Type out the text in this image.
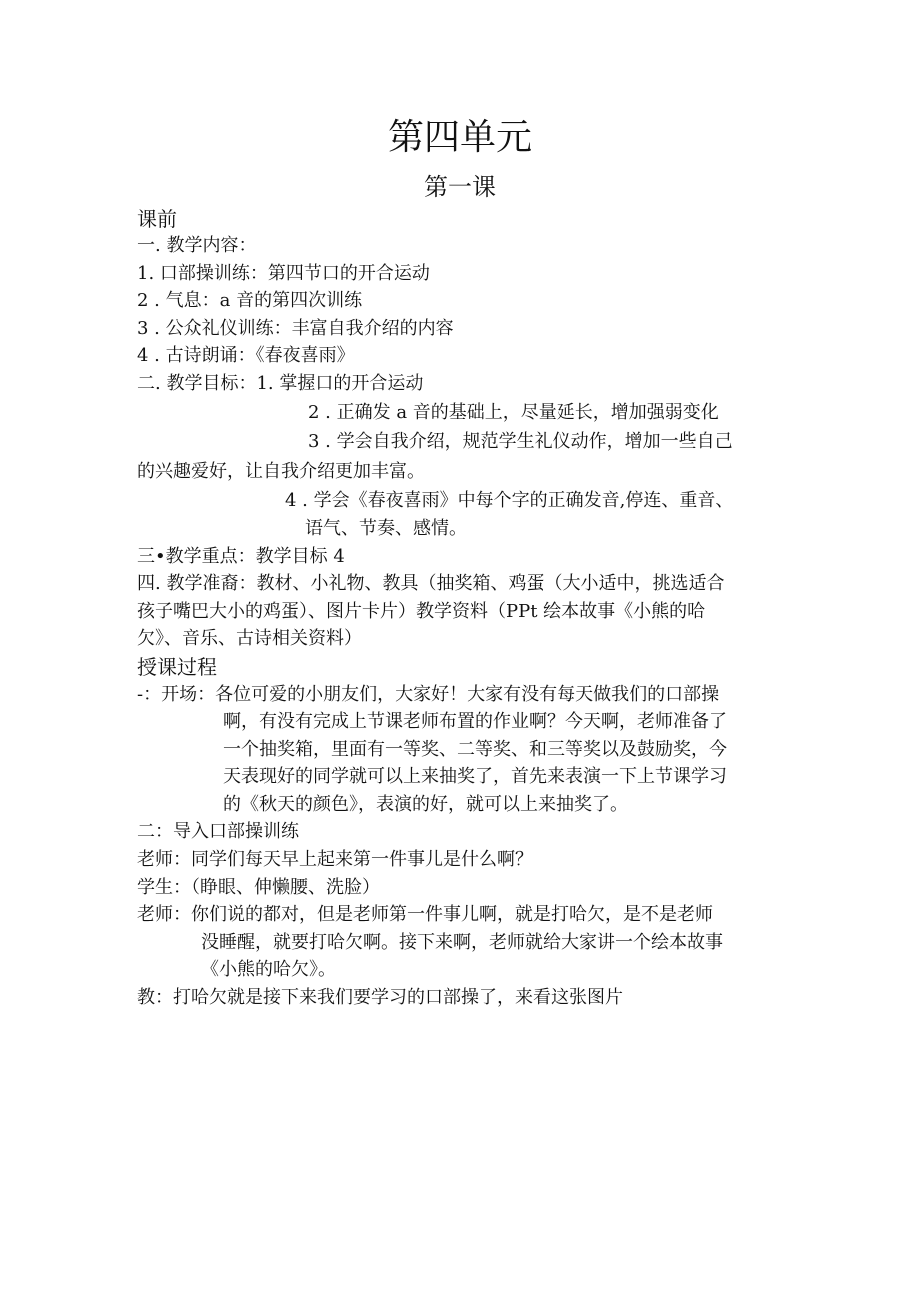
第四单元
第一课
课前
一. 教学内容：
1. 口部操训练：第四节口的开合运动
2 . 气息：a 音的第四次训练
3 . 公众礼仪训练：丰富自我介绍的内容
4 . 古诗朗诵：《春夜喜雨》
二. 教学目标：1. 掌握口的开合运动
2 . 正确发 a 音的基础上，尽量延长，增加强弱变化
3 . 学会自我介绍，规范学生礼仪动作，增加一些自己
的兴趣爱好，让自我介绍更加丰富。
4 . 学会《春夜喜雨》中每个字的正确发音,停连、重音、
语气、节奏、感情。
三•教学重点：教学目标 4
四. 教学准裔：教材、小礼物、教具（抽奖箱、鸡蛋（大小适中，挑选适合
孩子嘴巴大小的鸡蛋）、图片卡片）教学资料（PPt 绘本故事《小熊的哈
欠》、音乐、古诗相关资料）
授课过程
-：开场：各位可爱的小朋友们，大家好！大家有没有每天做我们的口部操
啊，有没有完成上节课老师布置的作业啊？今天啊，老师准备了
一个抽奖箱，里面有一等奖、二等奖、和三等奖以及鼓励奖，今
天表现好的同学就可以上来抽奖了，首先来表演一下上节课学习
的《秋天的颜色》，表演的好，就可以上来抽奖了。
二：导入口部操训练
老师：同学们每天早上起来第一件事儿是什么啊？
学生：（睁眼、伸懒腰、洗脸）
老师：你们说的都对，但是老师第一件事儿啊，就是打哈欠，是不是老师
没睡醒，就要打哈欠啊。接下来啊，老师就给大家讲一个绘本故事
《小熊的哈欠》。
教：打哈欠就是接下来我们要学习的口部操了，来看这张图片
